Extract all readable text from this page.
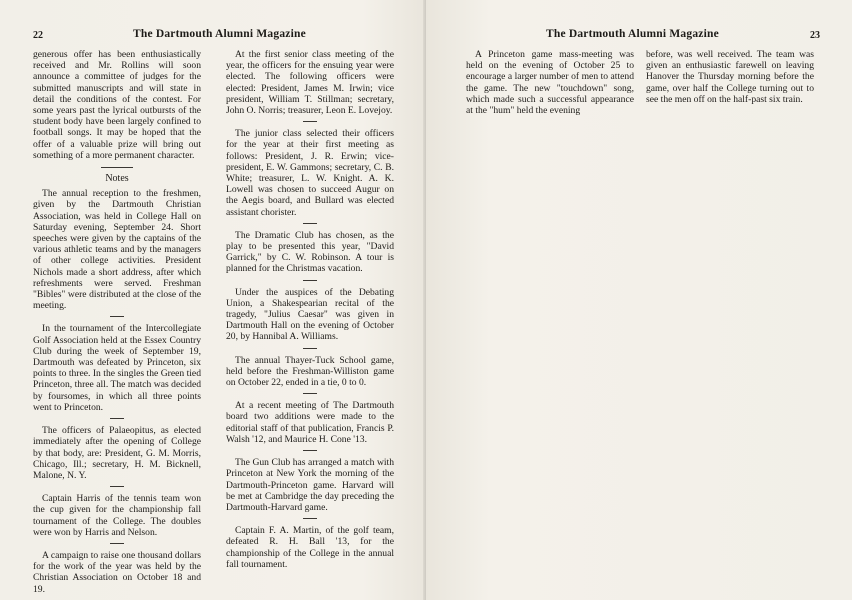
22	The Dartmouth Alumni Magazine

generous offer has been enthusiastically received and Mr. Rollins will soon announce a committee of judges for the submitted manuscripts and will state in detail the conditions of the contest. For some years past the lyrical outbursts of the student body have been largely confined to football songs. It may be hoped that the offer of a valuable prize will bring out something of a more permanent character.

Notes

The annual reception to the freshmen, given by the Dartmouth Christian Association, was held in College Hall on Saturday evening, September 24. Short speeches were given by the captains of the various athletic teams and by the managers of other college activities. President Nichols made a short address, after which refreshments were served. Freshman "Bibles" were distributed at the close of the meeting.

In the tournament of the Intercollegiate Golf Association held at the Essex Country Club during the week of September 19, Dartmouth was defeated by Princeton, six points to three. In the singles the Green tied Princeton, three all. The match was decided by foursomes, in which all three points went to Princeton.

The officers of Palaeopitus, as elected immediately after the opening of College by that body, are: President, G. M. Morris, Chicago, Ill.; secretary, H. M. Bicknell, Malone, N. Y.

Captain Harris of the tennis team won the cup given for the championship fall tournament of the College. The doubles were won by Harris and Nelson.

A campaign to raise one thousand dollars for the work of the year was held by the Christian Association on October 18 and 19.

At the first senior class meeting of the year, the officers for the ensuing year were elected. The following officers were elected: President, James M. Irwin; vice president, William T. Stillman; secretary, John O. Norris; treasurer, Leon E. Lovejoy.

The junior class selected their officers for the year at their first meeting as follows: President, J. R. Erwin; vice-president, E. W. Gammons; secretary, C. B. White; treasurer, L. W. Knight. A. K. Lowell was chosen to succeed Augur on the Aegis board, and Bullard was elected assistant chorister.

The Dramatic Club has chosen, as the play to be presented this year, "David Garrick," by C. W. Robinson. A tour is planned for the Christmas vacation.

Under the auspices of the Debating Union, a Shakespearian recital of the tragedy, "Julius Caesar" was given in Dartmouth Hall on the evening of October 20, by Hannibal A. Williams.

The annual Thayer-Tuck School game, held before the Freshman-Williston game on October 22, ended in a tie, 0 to 0.

At a recent meeting of The Dartmouth board two additions were made to the editorial staff of that publication, Francis P. Walsh '12, and Maurice H. Cone '13.

The Gun Club has arranged a match with Princeton at New York the morning of the Dartmouth-Princeton game. Harvard will be met at Cambridge the day preceding the Dartmouth-Harvard game.

Captain F. A. Martin, of the golf team, defeated R. H. Ball '13, for the championship of the College in the annual fall tournament.

The Dartmouth Alumni Magazine	23

A Princeton game mass-meeting was held on the evening of October 25 to encourage a larger number of men to attend the game. The new "touchdown" song, which made such a successful appearance at the "hum" held the evening

before, was well received. The team was given an enthusiastic farewell on leaving Hanover the Thursday morning before the game, over half the College turning out to see the men off on the half-past six train.
